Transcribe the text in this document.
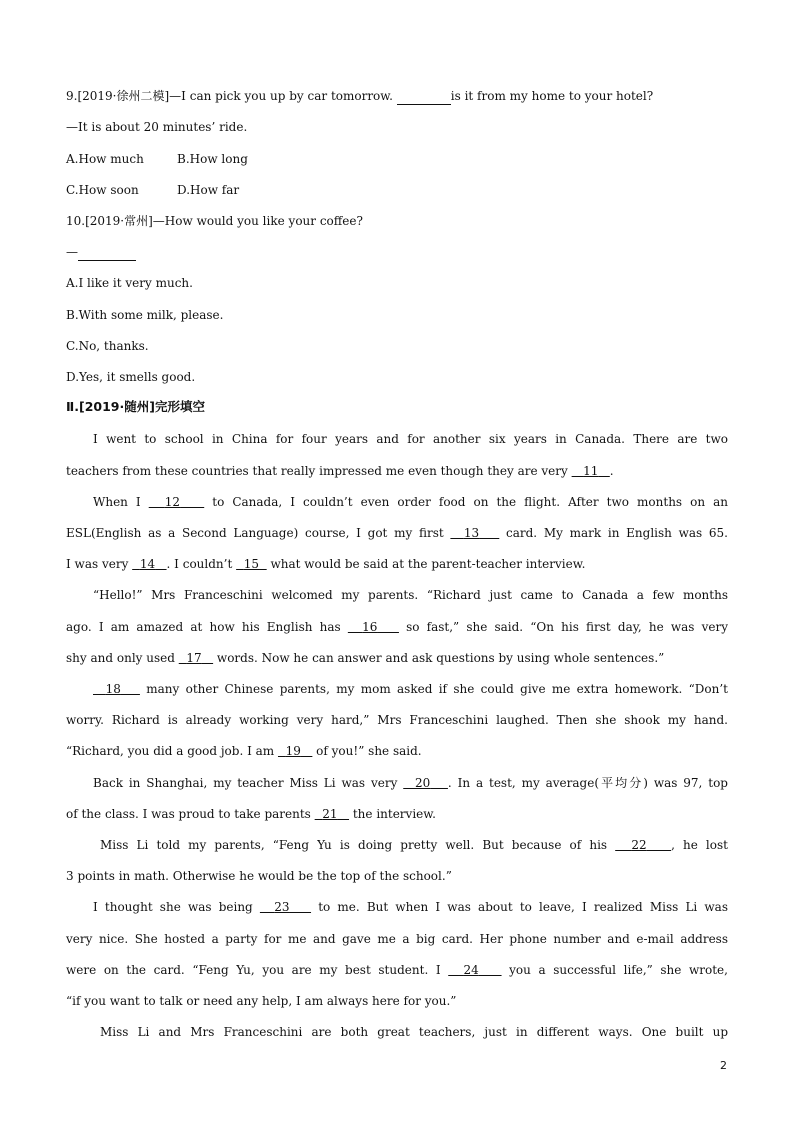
9.[2019·徐州二模]—I can pick you up by car tomorrow.	is it from my home to your hotel?
—It is about 20 minutes’ ride.
A.How much	B.How long
C.How soon	D.How far
10.[2019·常州]—How would you like your coffee?
—
A.I like it very much.
B.With some milk, please.
C.No, thanks.
D.Yes, it smells good.
Ⅱ.[2019·随州]完形填空
I went to school in China for four years and for another six years in Canada. There are two
teachers from these countries that really impressed me even though they are very    11 .
When I   12    to Canada, I couldn’t even order food on the flight. After two months on an
ESL(English as a Second Language) course, I got my first   13    card. My mark in English was 65.
I was very   14 . I couldn’t   15   what would be said at the parent-teacher interview.
“Hello!” Mrs Franceschini welcomed my parents. “Richard just came to Canada a few months
ago. I am amazed at how his English has   16    so fast,” she said. “On his first day, he was very
shy and only used   17    words. Now he can answer and ask questions by using whole sentences.”
18    many other Chinese parents, my mom asked if she could give me extra homework. “Don’t
worry. Richard is already working very hard,” Mrs Franceschini laughed. Then she shook my hand.
“Richard, you did a good job. I am   19    of you!” she said.
Back in Shanghai, my teacher Miss Li was very   20 . In a test, my average(平均分) was 97, top
of the class. I was proud to take parents   21    the interview.
Miss Li told my parents, “Feng Yu is doing pretty well. But because of his   22 , he lost
3 points in math. Otherwise he would be the top of the school.”
I thought she was being   23    to me. But when I was about to leave, I realized Miss Li was
very nice. She hosted a party for me and gave me a big card. Her phone number and e-mail address
were on the card. “Feng Yu, you are my best student. I   24    you a successful life,” she wrote,
“if you want to talk or need any help, I am always here for you.”
Miss Li and Mrs Franceschini are both great teachers, just in different ways. One built up
2
